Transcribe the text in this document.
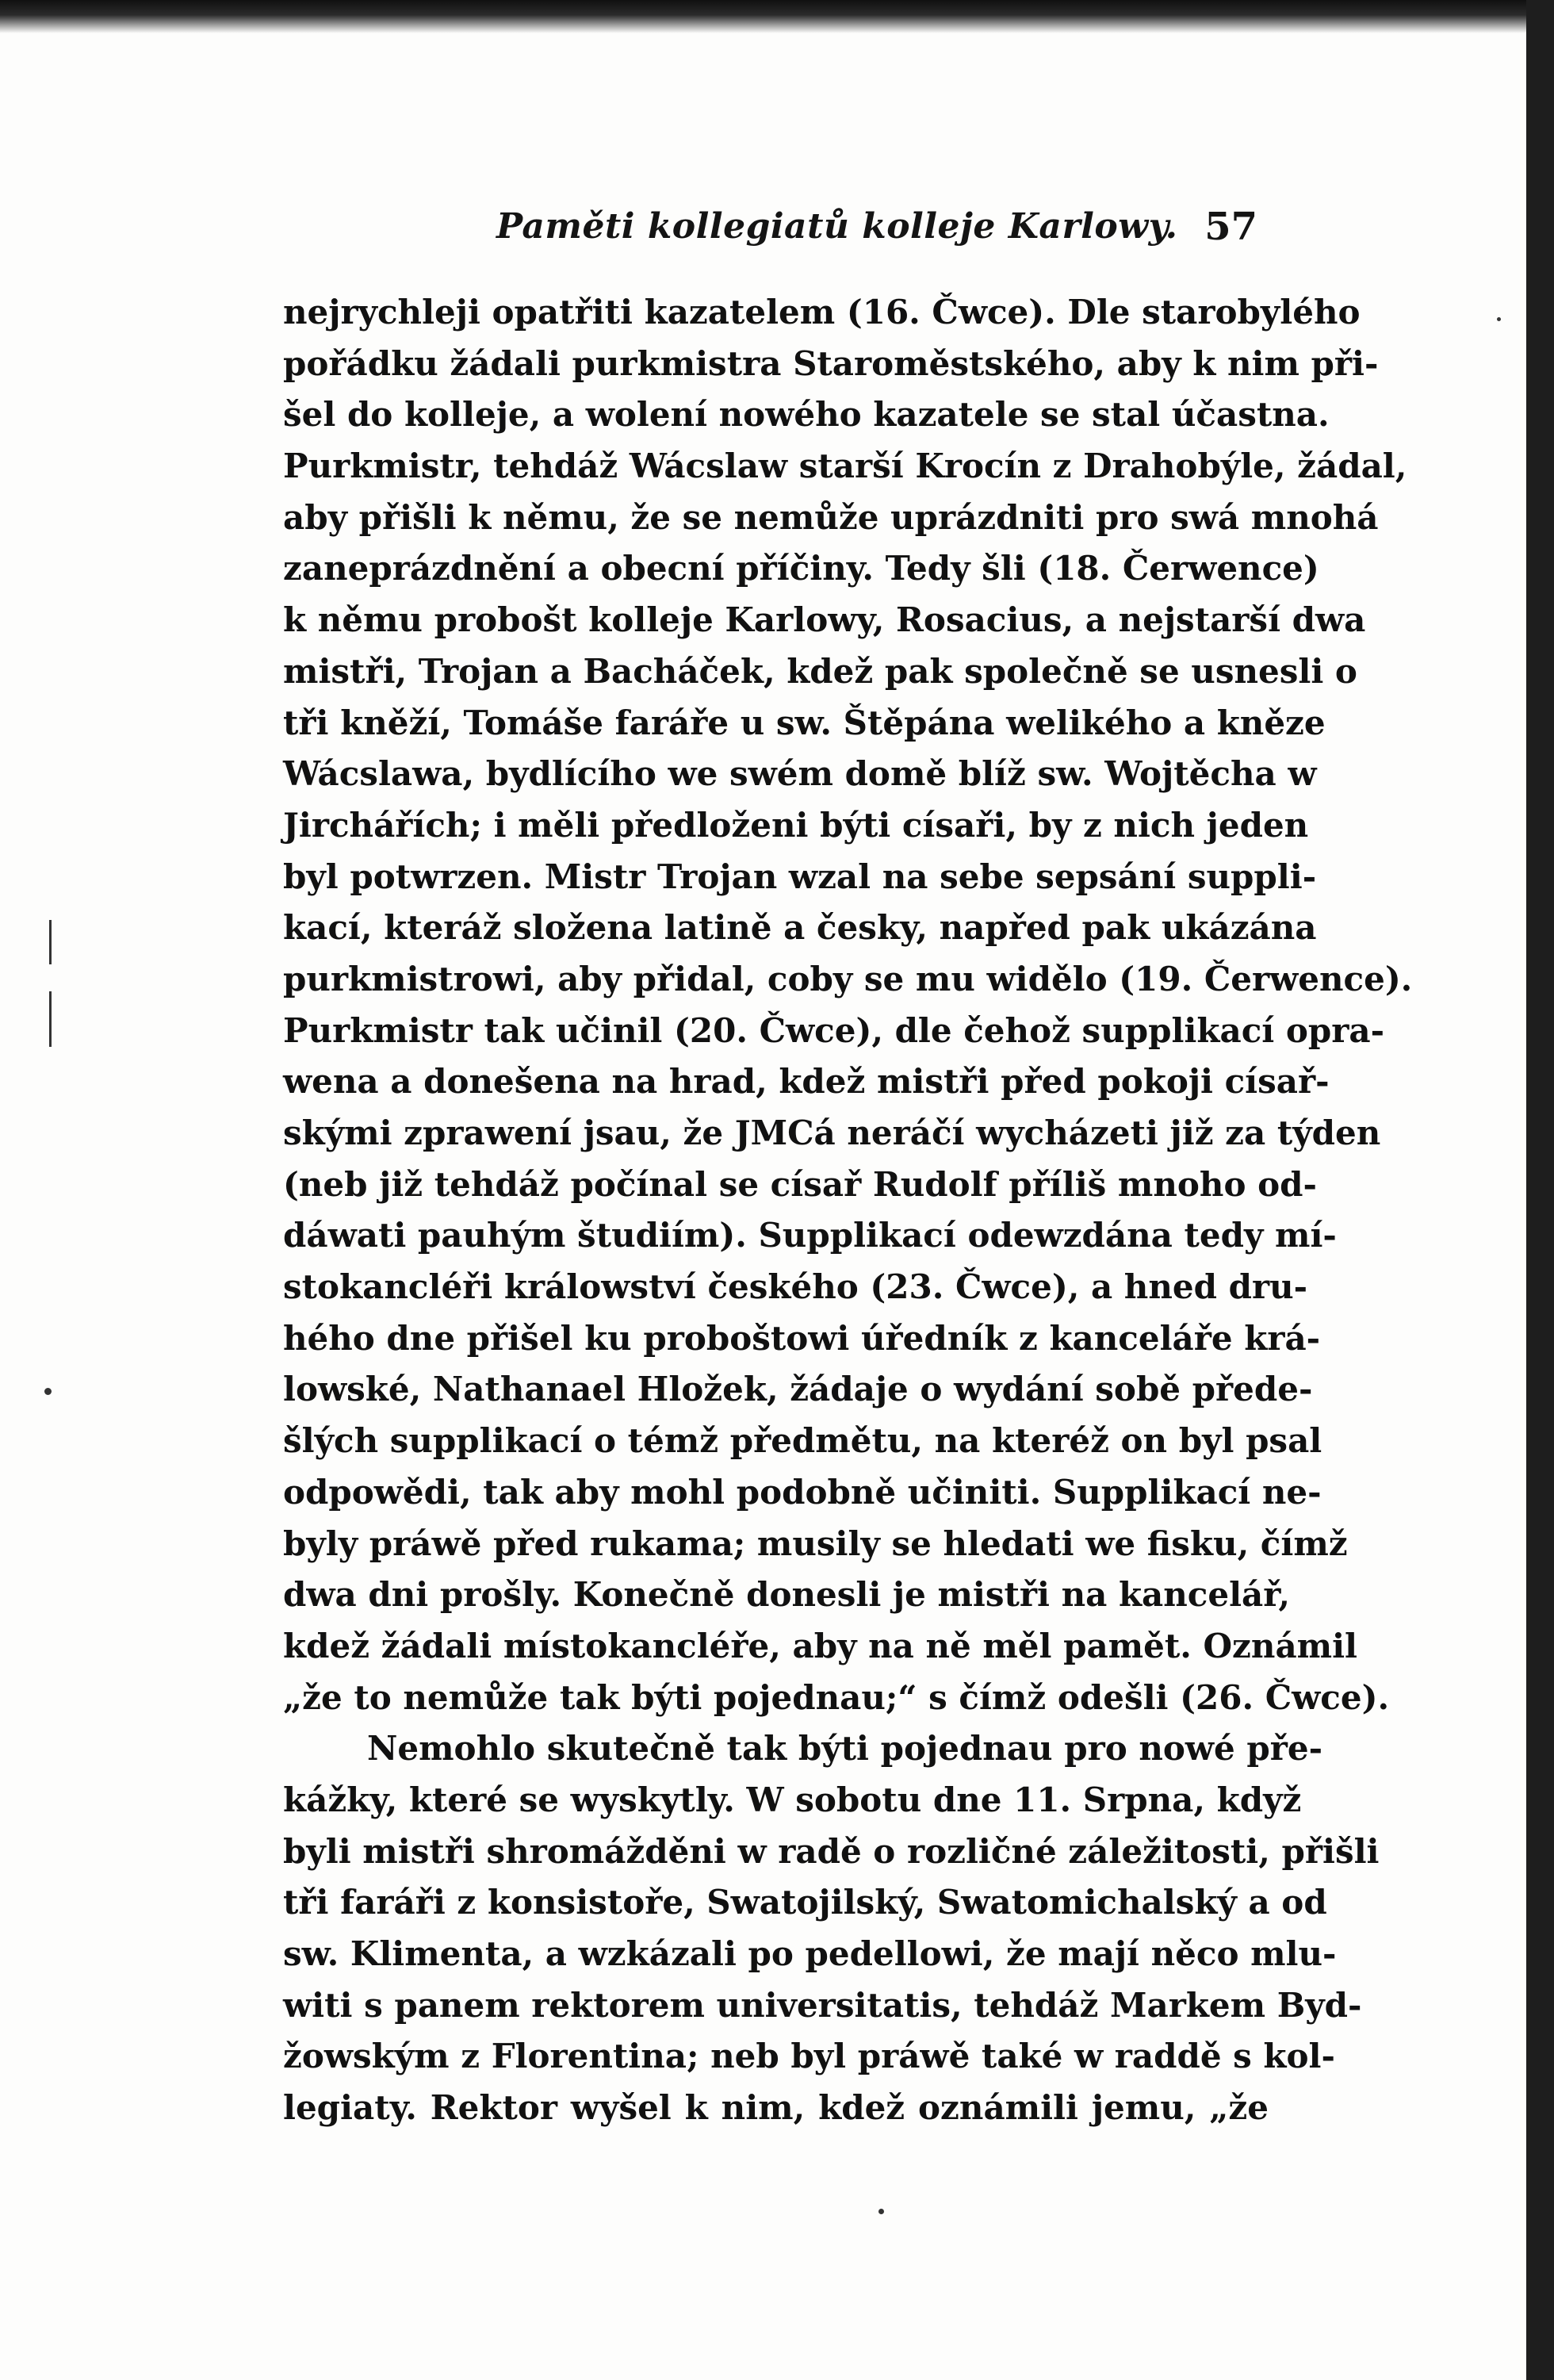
Paměti kollegiatů kolleje Karlowy. 57
nejrychleji opatřiti kazatelem (16. Čwce). Dle starobylého
pořádku žádali purkmistra Staroměstského, aby k nim při-
šel do kolleje, a wolení nowého kazatele se stal účastna.
Purkmistr, tehdáž Wácslaw starší Krocín z Drahobýle, žádal,
aby přišli k němu, že se nemůže uprázdniti pro swá mnohá
zaneprázdnění a obecní příčiny. Tedy šli (18. Čerwence)
k němu probošt kolleje Karlowy, Rosacius, a nejstarší dwa
mistři, Trojan a Bacháček, kdež pak společně se usnesli o
tři kněží, Tomáše faráře u sw. Štěpána welikého a kněze
Wácslawa, bydlícího we swém domě blíž sw. Wojtěcha w
Jirchářích; i měli předloženi býti císaři, by z nich jeden
byl potwrzen. Mistr Trojan wzal na sebe sepsání suppli-
kací, kteráž složena latině a česky, napřed pak ukázána
purkmistrowi, aby přidal, coby se mu widělo (19. Čerwence).
Purkmistr tak učinil (20. Čwce), dle čehož supplikací opra-
wena a donešena na hrad, kdež mistři před pokoji císař-
skými zprawení jsau, že JMCá neráčí wycházeti již za týden
(neb již tehdáž počínal se císař Rudolf příliš mnoho od-
dáwati pauhým študiím). Supplikací odewzdána tedy mí-
stokancléři králowství českého (23. Čwce), a hned dru-
hého dne přišel ku proboštowi úředník z kanceláře krá-
lowské, Nathanael Hložek, žádaje o wydání sobě přede-
šlých supplikací o témž předmětu, na kteréž on byl psal
odpowědi, tak aby mohl podobně učiniti. Supplikací ne-
byly práwě před rukama; musily se hledati we fisku, čímž
dwa dni prošly. Konečně donesli je mistři na kancelář,
kdež žádali místokancléře, aby na ně měl pamět. Oznámil
„že to nemůže tak býti pojednau;“ s čímž odešli (26. Čwce).
Nemohlo skutečně tak býti pojednau pro nowé pře-
kážky, které se wyskytly. W sobotu dne 11. Srpna, když
byli mistři shromážděni w radě o rozličné záležitosti, přišli
tři faráři z konsistoře, Swatojilský, Swatomichalský a od
sw. Klimenta, a wzkázali po pedellowi, že mají něco mlu-
witi s panem rektorem universitatis, tehdáž Markem Byd-
žowským z Florentina; neb byl práwě také w raddě s kol-
legiaty. Rektor wyšel k nim, kdež oznámili jemu, „že
